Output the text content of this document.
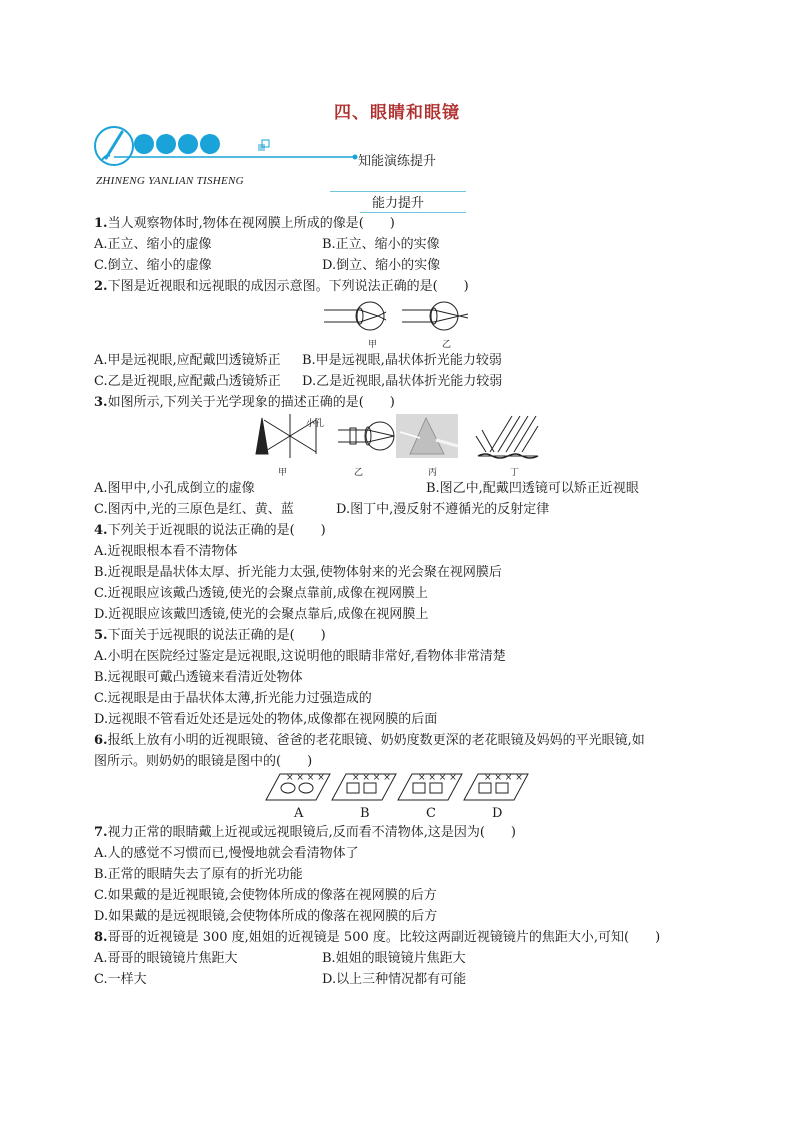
四、眼睛和眼镜
知能演练提升
ZHINENG YANLIAN TISHENG
能力提升
1.当人观察物体时,物体在视网膜上所成的像是(　　)
A.正立、缩小的虚像	B.正立、缩小的实像
C.倒立、缩小的虚像	D.倒立、缩小的实像
2.下图是近视眼和远视眼的成因示意图。下列说法正确的是(　　)
甲	乙
A.甲是远视眼,应配戴凹透镜矫正 B.甲是远视眼,晶状体折光能力较弱
C.乙是近视眼,应配戴凸透镜矫正 D.乙是近视眼,晶状体折光能力较弱
3.如图所示,下列关于光学现象的描述正确的是(　　)
小孔
甲	乙	丙	丁
A.图甲中,小孔成倒立的虚像	B.图乙中,配戴凹透镜可以矫正近视眼
C.图丙中,光的三原色是红、黄、蓝	D.图丁中,漫反射不遵循光的反射定律
4.下列关于近视眼的说法正确的是(　　)
A.近视眼根本看不清物体
B.近视眼是晶状体太厚、折光能力太强,使物体射来的光会聚在视网膜后
C.近视眼应该戴凸透镜,使光的会聚点靠前,成像在视网膜上
D.近视眼应该戴凹透镜,使光的会聚点靠后,成像在视网膜上
5.下面关于远视眼的说法正确的是(　　)
A.小明在医院经过鉴定是远视眼,这说明他的眼睛非常好,看物体非常清楚
B.远视眼可戴凸透镜来看清近处物体
C.远视眼是由于晶状体太薄,折光能力过强造成的
D.远视眼不管看近处还是远处的物体,成像都在视网膜的后面
6.报纸上放有小明的近视眼镜、爸爸的老花眼镜、奶奶度数更深的老花眼镜及妈妈的平光眼镜,如
图所示。则奶奶的眼镜是图中的(　　)
× × × ×	× × × ×	× × × ×	× × × ×
A	B	C	D
7.视力正常的眼睛戴上近视或远视眼镜后,反而看不清物体,这是因为(　　)
A.人的感觉不习惯而已,慢慢地就会看清物体了
B.正常的眼睛失去了原有的折光功能
C.如果戴的是近视眼镜,会使物体所成的像落在视网膜的后方
D.如果戴的是远视眼镜,会使物体所成的像落在视网膜的后方
8.哥哥的近视镜是 300 度,姐姐的近视镜是 500 度。比较这两副近视镜镜片的焦距大小,可知(　　)
A.哥哥的眼镜镜片焦距大	B.姐姐的眼镜镜片焦距大
C.一样大	D.以上三种情况都有可能
